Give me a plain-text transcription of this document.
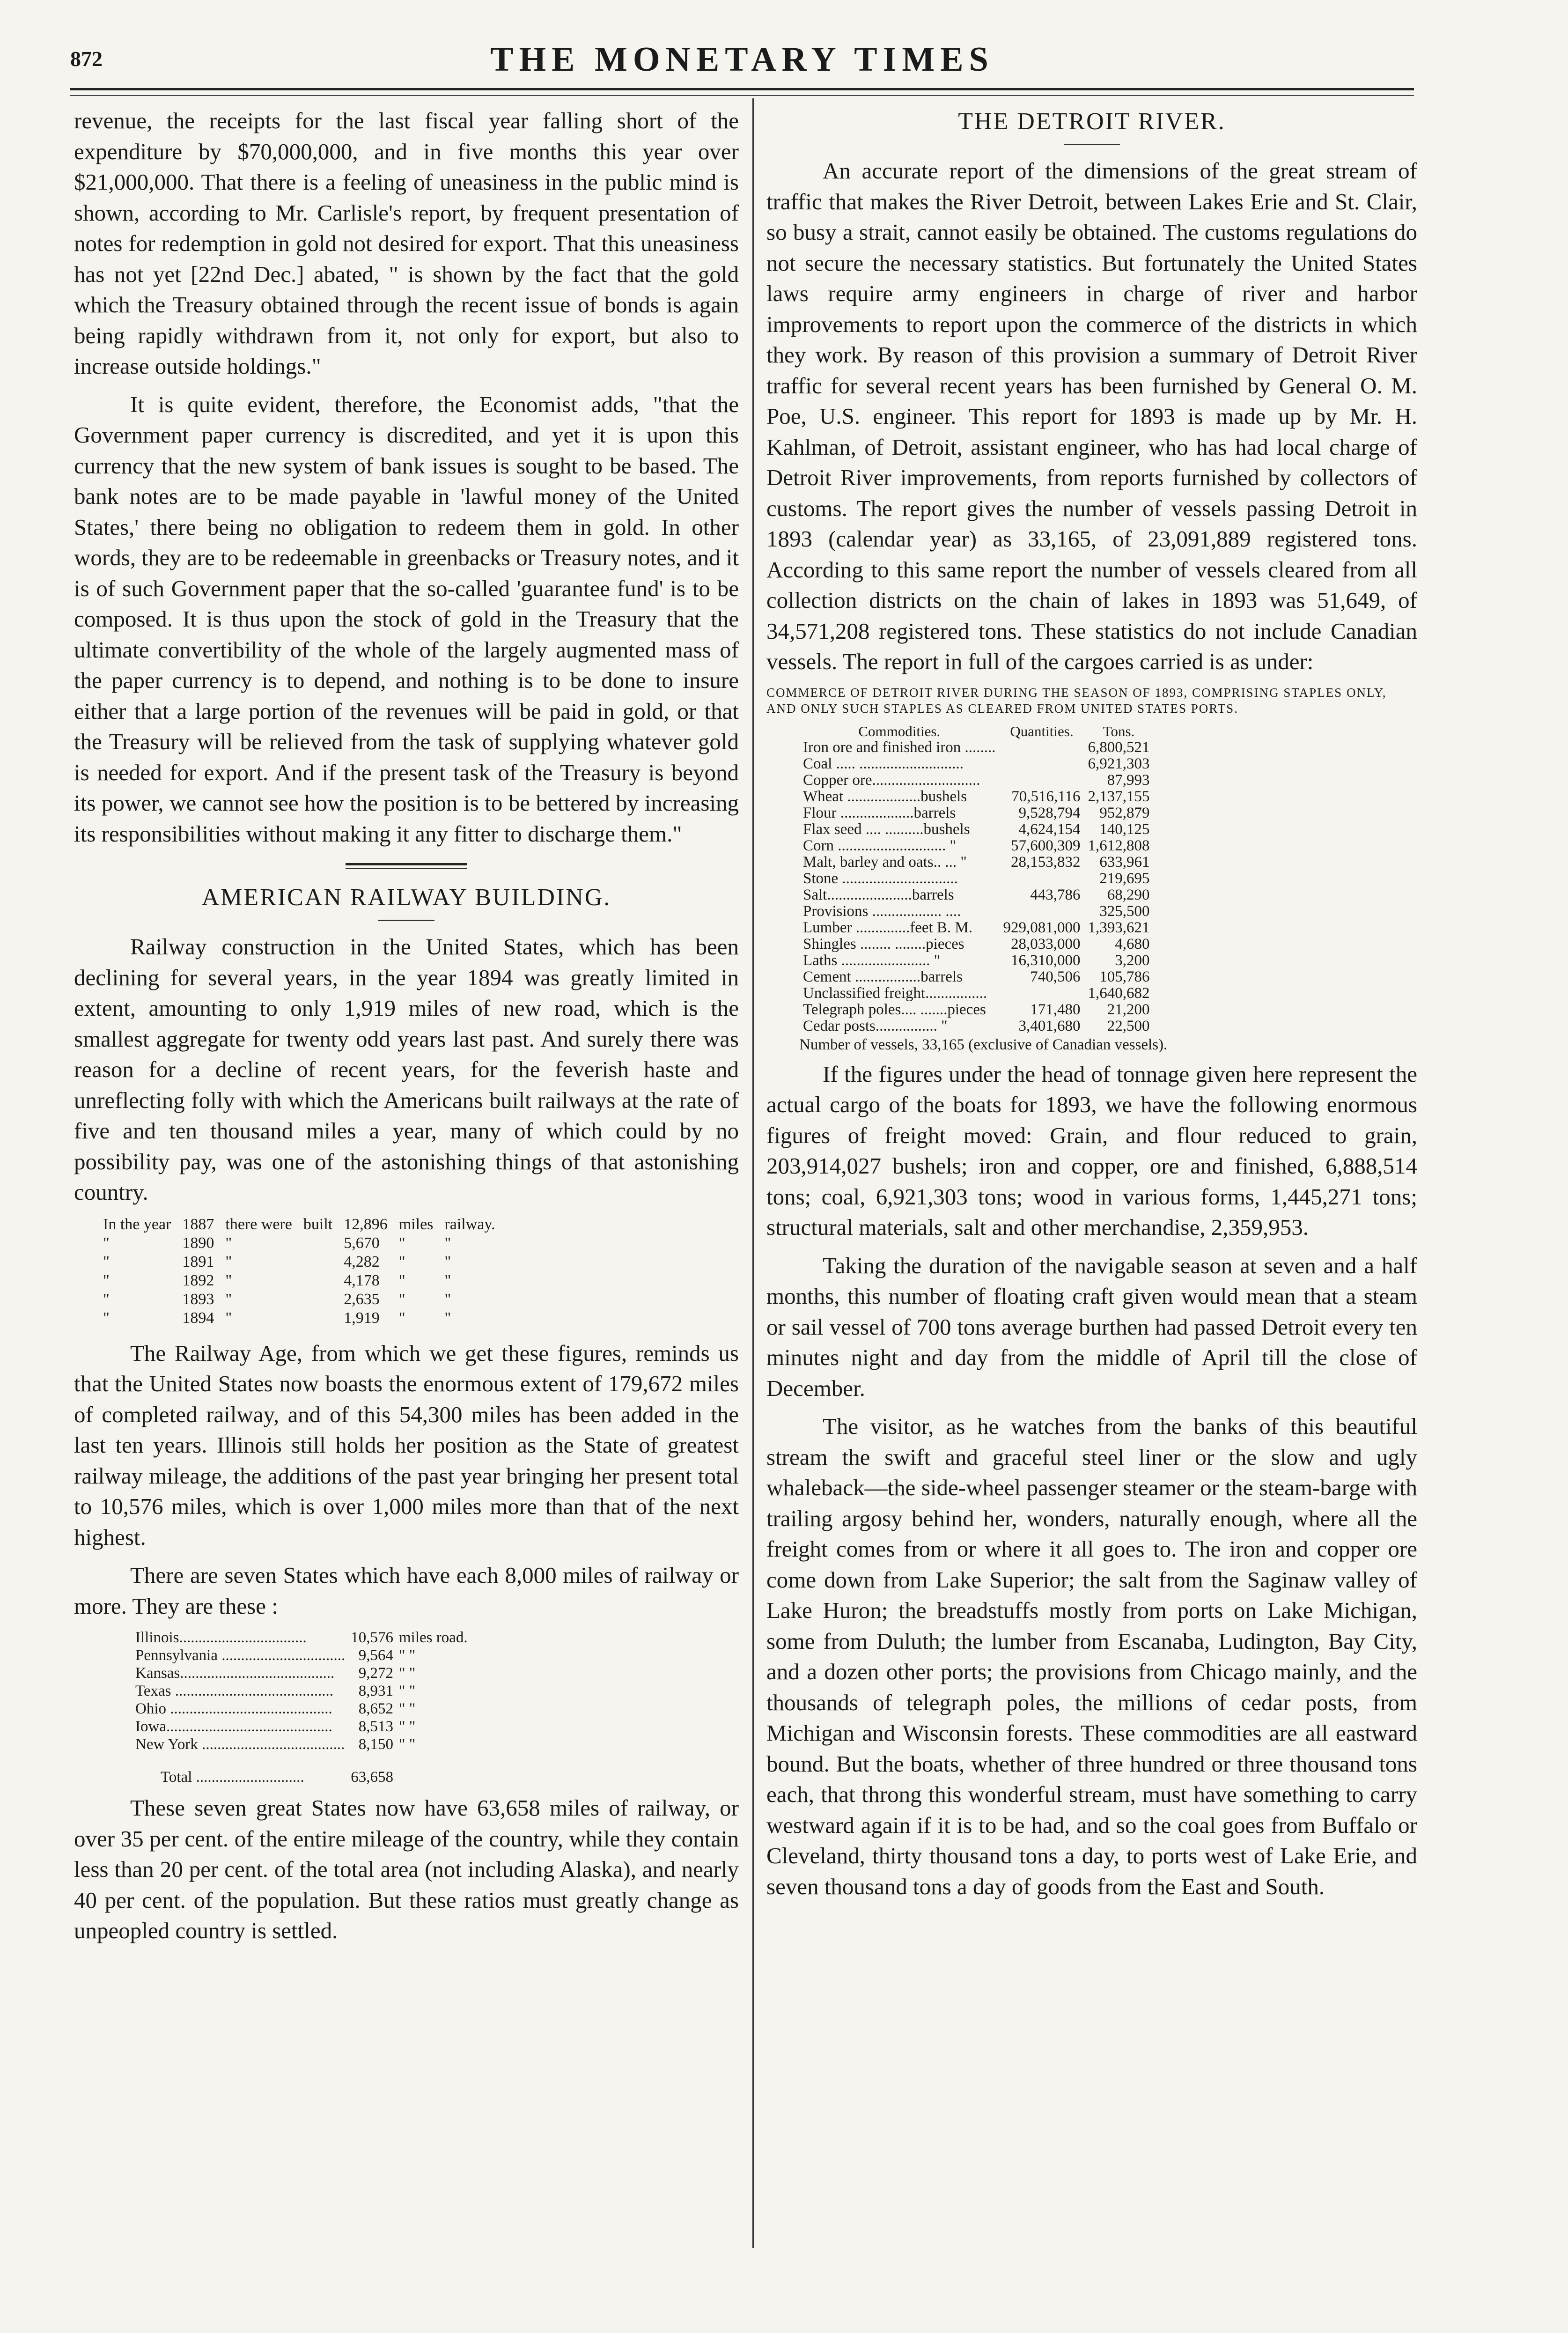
872	THE MONETARY TIMES

revenue, the receipts for the last fiscal year falling short of the expenditure by $70,000,000, and in five months this year over $21,000,000. That there is a feeling of uneasiness in the public mind is shown, according to Mr. Carlisle's report, by frequent presentation of notes for redemption in gold not desired for export. That this uneasiness has not yet [22nd Dec.] abated, " is shown by the fact that the gold which the Treasury obtained through the recent issue of bonds is again being rapidly withdrawn from it, not only for export, but also to increase outside holdings."

It is quite evident, therefore, the Economist adds, "that the Government paper currency is discredited, and yet it is upon this currency that the new system of bank issues is sought to be based. The bank notes are to be made payable in 'lawful money of the United States,' there being no obligation to redeem them in gold. In other words, they are to be redeemable in greenbacks or Treasury notes, and it is of such Government paper that the so-called 'guarantee fund' is to be composed. It is thus upon the stock of gold in the Treasury that the ultimate convertibility of the whole of the largely augmented mass of the paper currency is to depend, and nothing is to be done to insure either that a large portion of the revenues will be paid in gold, or that the Treasury will be relieved from the task of supplying whatever gold is needed for export. And if the present task of the Treasury is beyond its power, we cannot see how the position is to be bettered by increasing its responsibilities without making it any fitter to discharge them."

AMERICAN RAILWAY BUILDING.

Railway construction in the United States, which has been declining for several years, in the year 1894 was greatly limited in extent, amounting to only 1,919 miles of new road, which is the smallest aggregate for twenty odd years last past. And surely there was reason for a decline of recent years, for the feverish haste and unreflecting folly with which the Americans built railways at the rate of five and ten thousand miles a year, many of which could by no possibility pay, was one of the astonishing things of that astonishing country.

In the year	1887	there were	built	12,896	miles	railway.
"	1890	"		5,670	"	"
"	1891	"		4,282	"	"
"	1892	"		4,178	"	"
"	1893	"		2,635	"	"
"	1894	"		1,919	"	"

The Railway Age, from which we get these figures, reminds us that the United States now boasts the enormous extent of 179,672 miles of completed railway, and of this 54,300 miles has been added in the last ten years. Illinois still holds her position as the State of greatest railway mileage, the additions of the past year bringing her present total to 10,576 miles, which is over 1,000 miles more than that of the next highest.

There are seven States which have each 8,000 miles of railway or more. They are these :

Illinois.................................	10,576	miles road.
Pennsylvania ................................	9,564	" "
Kansas........................................	9,272	" "
Texas .........................................	8,931	" "
Ohio ..........................................	8,652	" "
Iowa...........................................	8,513	" "
New York .....................................	8,150	" "
Total ............................	63,658	

These seven great States now have 63,658 miles of railway, or over 35 per cent. of the entire mileage of the country, while they contain less than 20 per cent. of the total area (not including Alaska), and nearly 40 per cent. of the population. But these ratios must greatly change as unpeopled country is settled.

THE DETROIT RIVER.

An accurate report of the dimensions of the great stream of traffic that makes the River Detroit, between Lakes Erie and St. Clair, so busy a strait, cannot easily be obtained. The customs regulations do not secure the necessary statistics. But fortunately the United States laws require army engineers in charge of river and harbor improvements to report upon the commerce of the districts in which they work. By reason of this provision a summary of Detroit River traffic for several recent years has been furnished by General O. M. Poe, U.S. engineer. This report for 1893 is made up by Mr. H. Kahlman, of Detroit, assistant engineer, who has had local charge of Detroit River improvements, from reports furnished by collectors of customs. The report gives the number of vessels passing Detroit in 1893 (calendar year) as 33,165, of 23,091,889 registered tons. According to this same report the number of vessels cleared from all collection districts on the chain of lakes in 1893 was 51,649, of 34,571,208 registered tons. These statistics do not include Canadian vessels. The report in full of the cargoes carried is as under:

COMMERCE OF DETROIT RIVER DURING THE SEASON OF 1893, COMPRISING STAPLES ONLY, AND ONLY SUCH STAPLES AS CLEARED FROM UNITED STATES PORTS.
Commodities.	Quantities.	Tons.
Iron ore and finished iron ........		6,800,521
Coal ..... ...........................		6,921,303
Copper ore............................		87,993
Wheat ...................bushels	70,516,116	2,137,155
Flour ...................barrels	9,528,794	952,879
Flax seed .... ..........bushels	4,624,154	140,125
Corn ............................ "	57,600,309	1,612,808
Malt, barley and oats.. ... "	28,153,832	633,961
Stone ..............................		219,695
Salt......................barrels	443,786	68,290
Provisions .................. ....		325,500
Lumber ..............feet B. M.	929,081,000	1,393,621
Shingles ........ ........pieces	28,033,000	4,680
Laths ....................... "	16,310,000	3,200
Cement .................barrels	740,506	105,786
Unclassified freight................		1,640,682
Telegraph poles.... .......pieces	171,480	21,200
Cedar posts................ "	3,401,680	22,500
Number of vessels, 33,165 (exclusive of Canadian vessels).

If the figures under the head of tonnage given here represent the actual cargo of the boats for 1893, we have the following enormous figures of freight moved: Grain, and flour reduced to grain, 203,914,027 bushels; iron and copper, ore and finished, 6,888,514 tons; coal, 6,921,303 tons; wood in various forms, 1,445,271 tons; structural materials, salt and other merchandise, 2,359,953.

Taking the duration of the navigable season at seven and a half months, this number of floating craft given would mean that a steam or sail vessel of 700 tons average burthen had passed Detroit every ten minutes night and day from the middle of April till the close of December.

The visitor, as he watches from the banks of this beautiful stream the swift and graceful steel liner or the slow and ugly whaleback—the side-wheel passenger steamer or the steam-barge with trailing argosy behind her, wonders, naturally enough, where all the freight comes from or where it all goes to. The iron and copper ore come down from Lake Superior; the salt from the Saginaw valley of Lake Huron; the breadstuffs mostly from ports on Lake Michigan, some from Duluth; the lumber from Escanaba, Ludington, Bay City, and a dozen other ports; the provisions from Chicago mainly, and the thousands of telegraph poles, the millions of cedar posts, from Michigan and Wisconsin forests. These commodities are all eastward bound. But the boats, whether of three hundred or three thousand tons each, that throng this wonderful stream, must have something to carry westward again if it is to be had, and so the coal goes from Buffalo or Cleveland, thirty thousand tons a day, to ports west of Lake Erie, and seven thousand tons a day of goods from the East and South.
